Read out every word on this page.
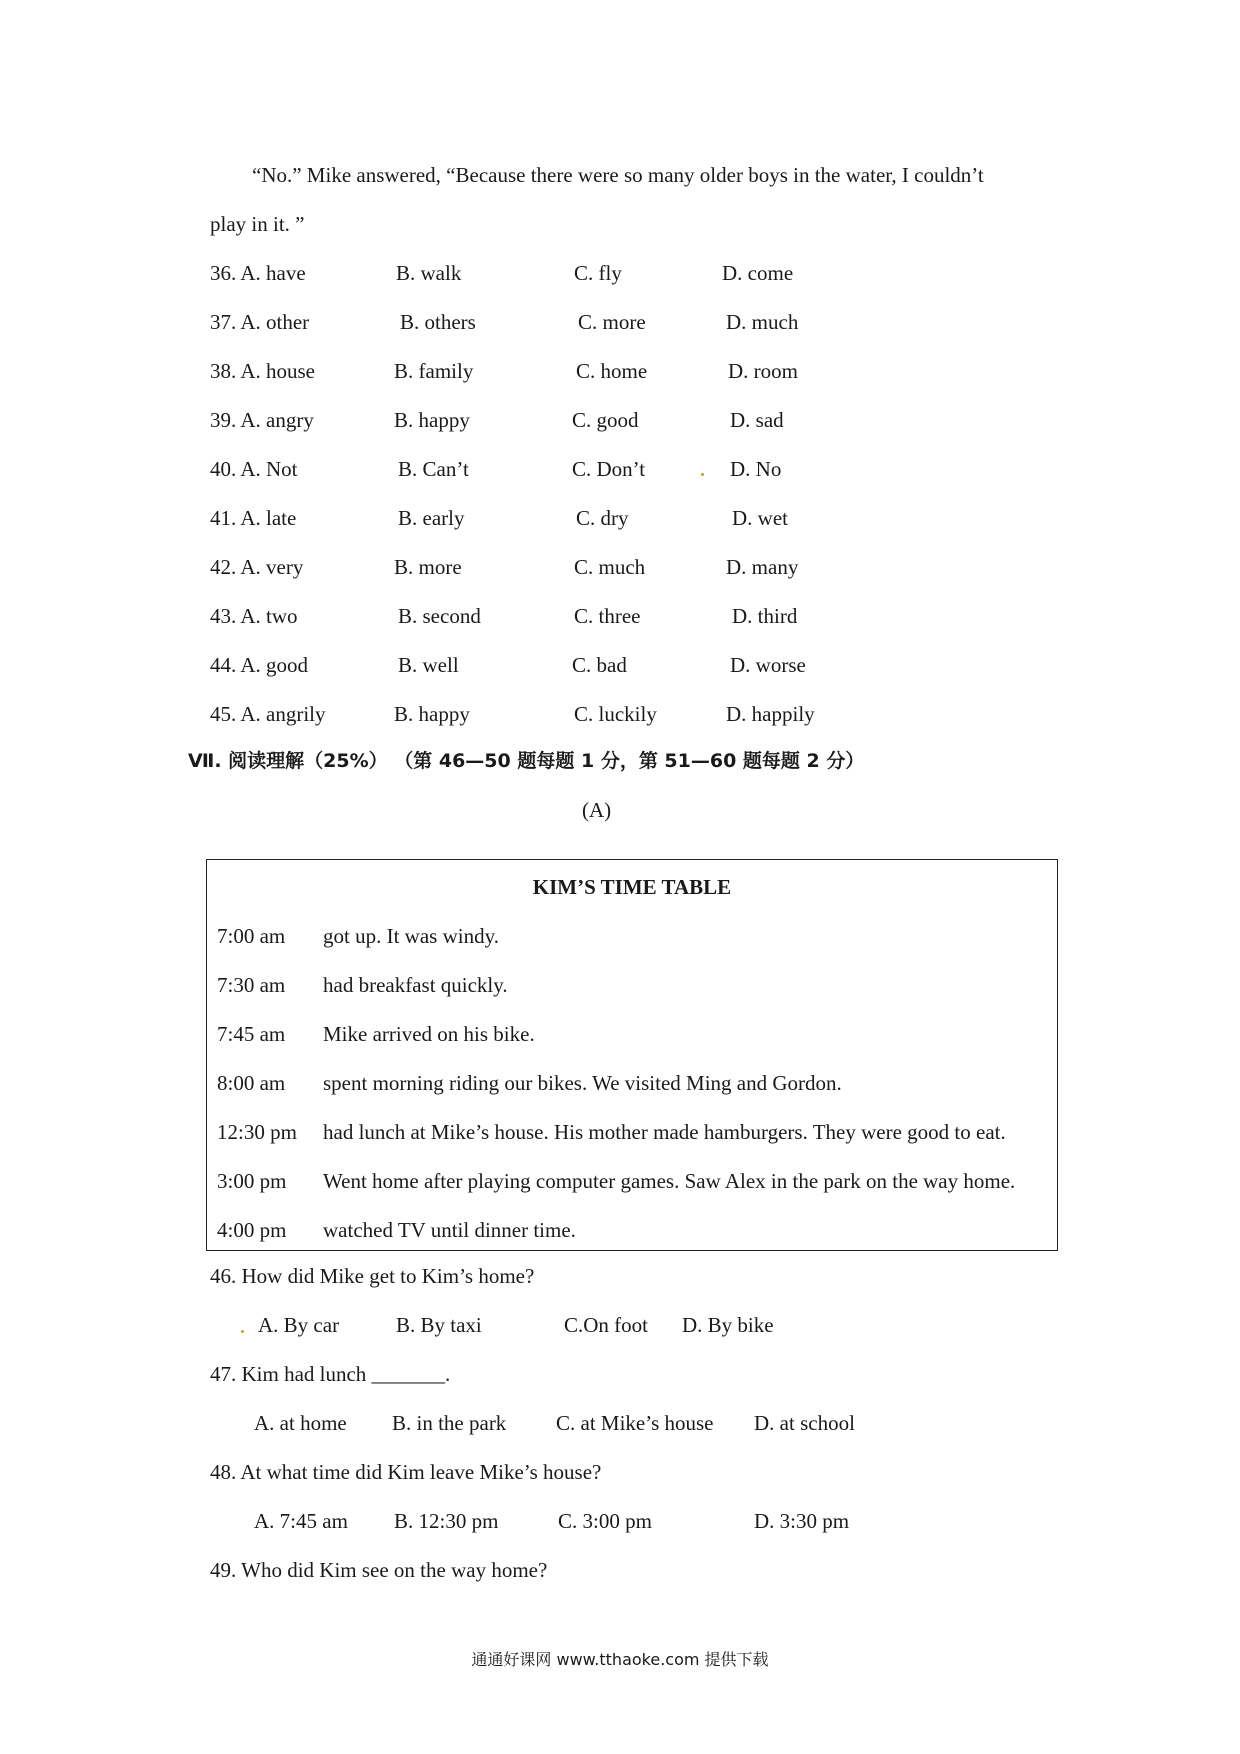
“No.” Mike answered, “Because there were so many older boys in the water, I couldn’t
play in it. ”
36. A. have	B. walk	C. fly	D. come
37. A. other	B. others	C. more	D. much
38. A. house	B. family	C. home	D. room
39. A. angry	B. happy	C. good	D. sad
40. A. Not	B. Can’t	C. Don’t	D. No
41. A. late	B. early	C. dry	D. wet
42. A. very	B. more	C. much	D. many
43. A. two	B. second	C. three	D. third
44. A. good	B. well	C. bad	D. worse
45. A. angrily	B. happy	C. luckily	D. happily
Ⅶ. 阅读理解（25%） （第 46—50 题每题 1 分，第 51—60 题每题 2 分）
(A)
KIM’S TIME TABLE
7:00 am got up. It was windy.
7:30 am had breakfast quickly.
7:45 am Mike arrived on his bike.
8:00 am spent morning riding our bikes. We visited Ming and Gordon.
12:30 pm had lunch at Mike’s house. His mother made hamburgers. They were good to eat.
3:00 pm Went home after playing computer games. Saw Alex in the park on the way home.
4:00 pm watched TV until dinner time.
46. How did Mike get to Kim’s home?
A. By car	B. By taxi	C.On foot D. By bike
47. Kim had lunch _______.
A. at home B. in the park C. at Mike’s house D. at school
48. At what time did Kim leave Mike’s house?
A. 7:45 am B. 12:30 pm	C. 3:00 pm	D. 3:30 pm
49. Who did Kim see on the way home?
通通好课网 www.tthaoke.com 提供下载
